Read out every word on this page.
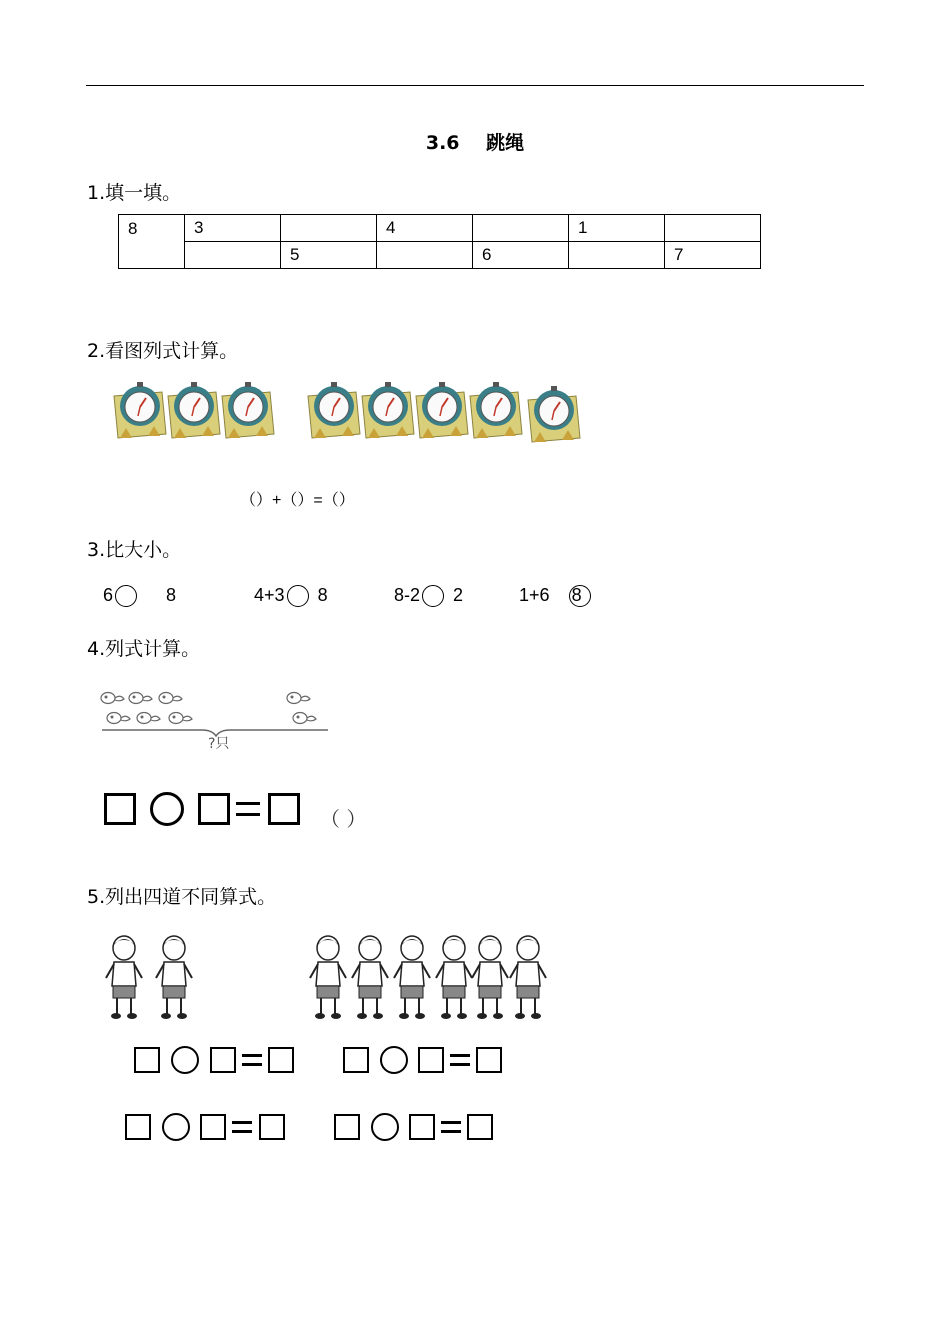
3.6 跳绳
1.填一填。
8	3		4		1	
		5		6		7
2.看图列式计算。
（）+（）=（）
3.比大小。
6	8	4+3 8	8-2 2	1+6 8
4.列式计算。
?只
（ ）
5.列出四道不同算式。
